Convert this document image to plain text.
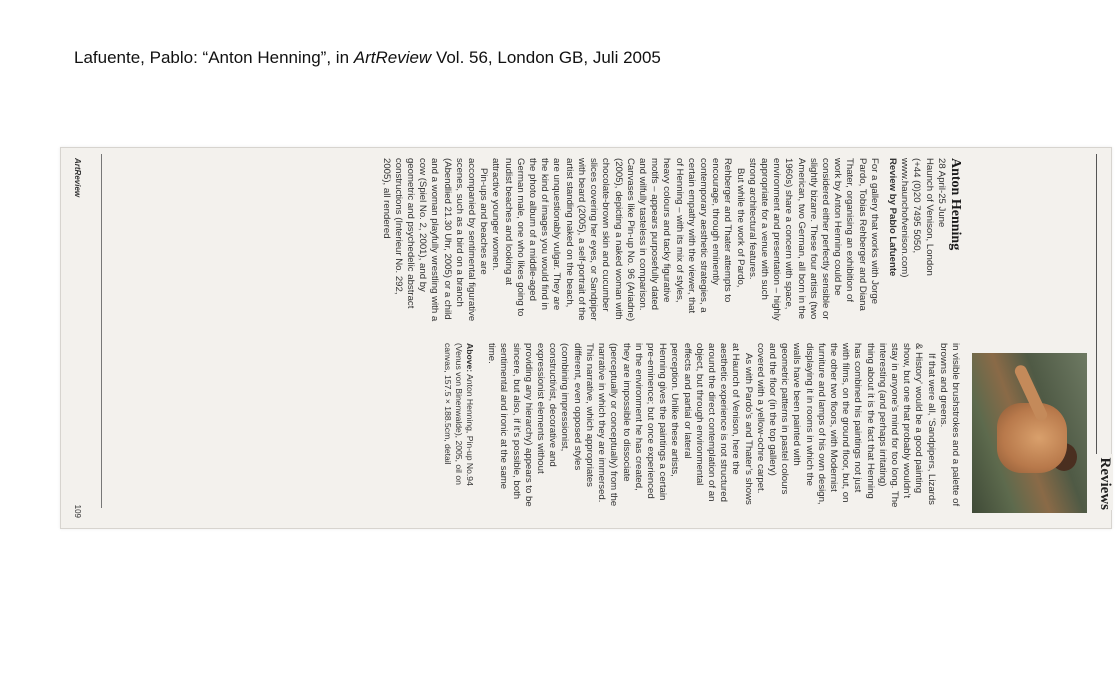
Lafuente, Pablo: “Anton Henning”, in ArtReview Vol. 56, London GB, Juli 2005
Reviews
Anton Henning
28 April-25 June
Haunch of Venison, London
(+44 (0)20 7495 5050,
www.haunchofvenison.com)
Review by Pablo Lafuente

For a gallery that works with Jorge Pardo, Tobias Rehberger and Diana Thater, organising an exhibition of work by Anton Henning could be considered either perfectly sensible or slightly bizarre. These four artists (two American, two German, all born in the 1960s) share a concern with space, environment and presentation – highly appropriate for a venue with such strong architectural features.

But while the work of Pardo, Rehberger and Thater attempts to encourage, through eminently contemporary aesthetic strategies, a certain empathy with the viewer, that of Henning – with its mix of styles, heavy colours and tacky figurative motifs – appears purposefully dated and wilfully tasteless in comparison. Canvases like Pin-up No. 96 (Ariadne) (2005), depicting a naked woman with chocolate-brown skin and cucumber slices covering her eyes, or Sandpiper with beard (2005), a self-portrait of the artist standing naked on the beach, are unquestionably vulgar. They are the kind of images you would find in the photo album of a middle-aged German male, one who likes going to nudist beaches and looking at attractive younger women.

Pin-ups and beaches are accompanied by sentimental figurative scenes, such as a bird on a branch (Abendlied 21.30 Uhr, 2005) or a child and a woman playfully wrestling with a cow (Spiel No. 2, 2001), and by geometric and psychedelic abstract constructions (Interieur No. 292, 2005), all rendered

in visible brushstrokes and a palette of browns and greens.

If that were all, ‘Sandpipers, Lizards & History’ would be a good painting show, but one that probably wouldn’t stay in anyone’s mind for too long. The interesting (and perhaps irritating) thing about it is the fact that Henning has combined his paintings not just with films, on the ground floor, but, on the other two floors, with Modernist furniture and lamps of his own design, displaying it in rooms in which the walls have been painted with geometric patterns in pastel colours and the floor (in the top gallery) covered with a yellow-ochre carpet.

As with Pardo’s and Thater’s shows at Haunch of Venison, here the aesthetic experience is not structured around the direct contemplation of an object, but through environmental effects and partial or lateral perception. Unlike these artists, Henning gives the paintings a certain pre-eminence; but once experienced in the environment he has created, they are impossible to dissociate (perceptually or conceptually) from the narrative in which they are immersed. This narrative, which appropriates different, even opposed styles (combining impressionist, constructivist, decorative and expressionist elements without providing any hierarchy) appears to be sincere, but also, if it’s possible, both sentimental and ironic at the same time.

Above: Anton Henning, Pin-up No.94 (Venus von Binenwalde), 2005, oil on canvas, 157.5 × 188.5cm, detail
ArtReview
109
